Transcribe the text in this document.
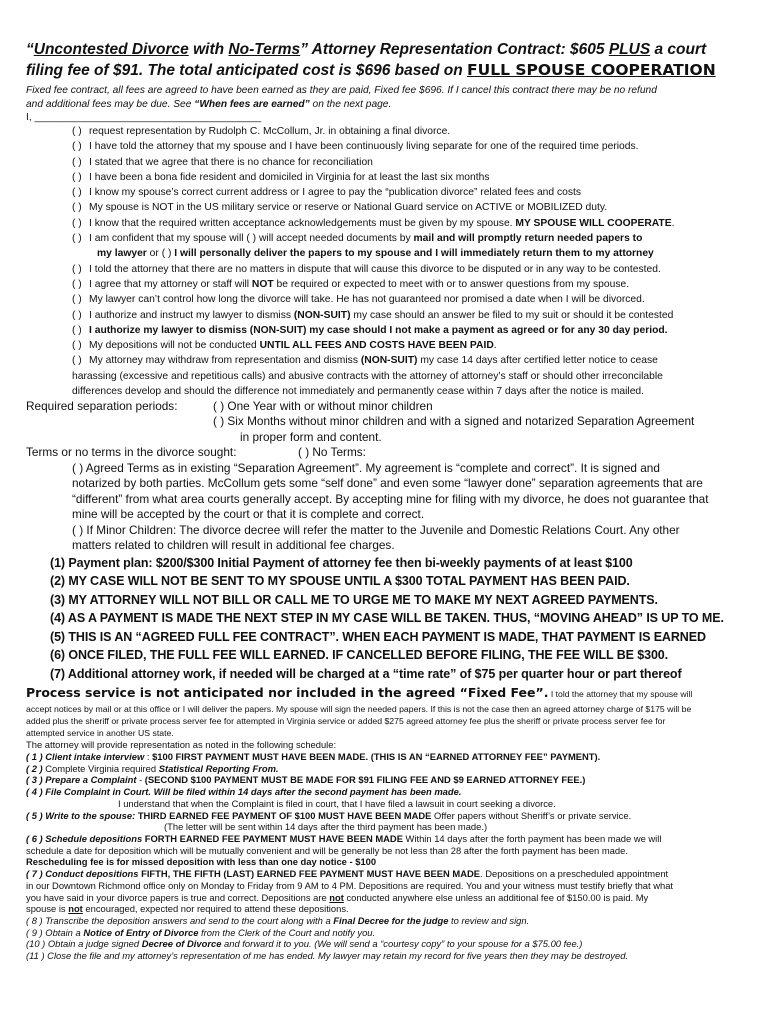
“Uncontested Divorce with No-Terms” Attorney Representation Contract: $605 PLUS a court
filing fee of $91. The total anticipated cost is $696 based on FULL SPOUSE COOPERATION
Fixed fee contract, all fees are agreed to have been earned as they are paid, Fixed fee $696. If I cancel this contract there may be no refund
and additional fees may be due. See “When fees are earned” on the next page.
I, ________________________________________
( ) request representation by Rudolph C. McCollum, Jr. in obtaining a final divorce.
( ) I have told the attorney that my spouse and I have been continuously living separate for one of the required time periods.
( ) I stated that we agree that there is no chance for reconciliation
( ) I have been a bona fide resident and domiciled in Virginia for at least the last six months
( ) I know my spouse’s correct current address or I agree to pay the “publication divorce” related fees and costs
( ) My spouse is NOT in the US military service or reserve or National Guard service on ACTIVE or MOBILIZED duty.
( ) I know that the required written acceptance acknowledgements must be given by my spouse. MY SPOUSE WILL COOPERATE.
( ) I am confident that my spouse will ( ) will accept needed documents by mail and will promptly return needed papers to
my lawyer or ( ) I will personally deliver the papers to my spouse and I will immediately return them to my attorney
( ) I told the attorney that there are no matters in dispute that will cause this divorce to be disputed or in any way to be contested.
( ) I agree that my attorney or staff will NOT be required or expected to meet with or to answer questions from my spouse.
( ) My lawyer can’t control how long the divorce will take. He has not guaranteed nor promised a date when I will be divorced.
( ) I authorize and instruct my lawyer to dismiss (NON-SUIT) my case should an answer be filed to my suit or should it be contested
( ) I authorize my lawyer to dismiss (NON-SUIT) my case should I not make a payment as agreed or for any 30 day period.
( ) My depositions will not be conducted UNTIL ALL FEES AND COSTS HAVE BEEN PAID.
( ) My attorney may withdraw from representation and dismiss (NON-SUIT) my case 14 days after certified letter notice to cease
harassing (excessive and repetitious calls) and abusive contracts with the attorney of attorney’s staff or should other irreconcilable
differences develop and should the difference not immediately and permanently cease within 7 days after the notice is mailed.
Required separation periods:	( ) One Year with or without minor children
( ) Six Months without minor children and with a signed and notarized Separation Agreement
in proper form and content.
Terms or no terms in the divorce sought:	( ) No Terms:
( ) Agreed Terms as in existing “Separation Agreement”. My agreement is “complete and correct”. It is signed and
notarized by both parties. McCollum gets some “self done” and even some “lawyer done” separation agreements that are
“different” from what area courts generally accept. By accepting mine for filing with my divorce, he does not guarantee that
mine will be accepted by the court or that it is complete and correct.
( ) If Minor Children: The divorce decree will refer the matter to the Juvenile and Domestic Relations Court. Any other
matters related to children will result in additional fee charges.
(1) Payment plan: $200/$300 Initial Payment of attorney fee then bi-weekly payments of at least $100
(2) MY CASE WILL NOT BE SENT TO MY SPOUSE UNTIL A $300 TOTAL PAYMENT HAS BEEN PAID.
(3) MY ATTORNEY WILL NOT BILL OR CALL ME TO URGE ME TO MAKE MY NEXT AGREED PAYMENTS.
(4) AS A PAYMENT IS MADE THE NEXT STEP IN MY CASE WILL BE TAKEN. THUS, “MOVING AHEAD” IS UP TO ME.
(5) THIS IS AN “AGREED FULL FEE CONTRACT”. WHEN EACH PAYMENT IS MADE, THAT PAYMENT IS EARNED
(6) ONCE FILED, THE FULL FEE WILL EARNED. IF CANCELLED BEFORE FILING, THE FEE WILL BE $300.
(7) Additional attorney work, if needed will be charged at a “time rate” of $75 per quarter hour or part thereof
Process service is not anticipated nor included in the agreed “Fixed Fee”. I told the attorney that my spouse will
accept notices by mail or at this office or I will deliver the papers. My spouse will sign the needed papers. If this is not the case then an agreed attorney charge of $175 will be
added plus the sheriff or private process server fee for attempted in Virginia service or added $275 agreed attorney fee plus the sheriff or private process server fee for
attempted service in another US state.
The attorney will provide representation as noted in the following schedule:
( 1 ) Client intake interview : $100 FIRST PAYMENT MUST HAVE BEEN MADE. (THIS IS AN “EARNED ATTORNEY FEE” PAYMENT).
( 2 ) Complete Virginia required Statistical Reporting From.
( 3 ) Prepare a Complaint - (SECOND $100 PAYMENT MUST BE MADE FOR $91 FILING FEE AND $9 EARNED ATTORNEY FEE.)
( 4 ) File Complaint in Court. Will be filed within 14 days after the second payment has been made.
I understand that when the Complaint is filed in court, that I have filed a lawsuit in court seeking a divorce.
( 5 ) Write to the spouse: THIRD EARNED FEE PAYMENT OF $100 MUST HAVE BEEN MADE Offer papers without Sheriff’s or private service.
(The letter will be sent within 14 days after the third payment has been made.)
( 6 ) Schedule depositions FORTH EARNED FEE PAYMENT MUST HAVE BEEN MADE Within 14 days after the forth payment has been made we will
schedule a date for deposition which will be mutually convenient and will be generally be not less than 28 after the forth payment has been made.
Rescheduling fee is for missed deposition with less than one day notice - $100
( 7 ) Conduct depositions FIFTH, THE FIFTH (LAST) EARNED FEE PAYMENT MUST HAVE BEEN MADE. Depositions on a prescheduled appointment
in our Downtown Richmond office only on Monday to Friday from 9 AM to 4 PM. Depositions are required. You and your witness must testify briefly that what
you have said in your divorce papers is true and correct. Depositions are not conducted anywhere else unless an additional fee of $150.00 is paid. My
spouse is not encouraged, expected nor required to attend these depositions.
( 8 ) Transcribe the deposition answers and send to the court along with a Final Decree for the judge to review and sign.
( 9 ) Obtain a Notice of Entry of Divorce from the Clerk of the Court and notify you.
(10 ) Obtain a judge signed Decree of Divorce and forward it to you. (We will send a “courtesy copy” to your spouse for a $75.00 fee.)
(11 ) Close the file and my attorney’s representation of me has ended. My lawyer may retain my record for five years then they may be destroyed.
